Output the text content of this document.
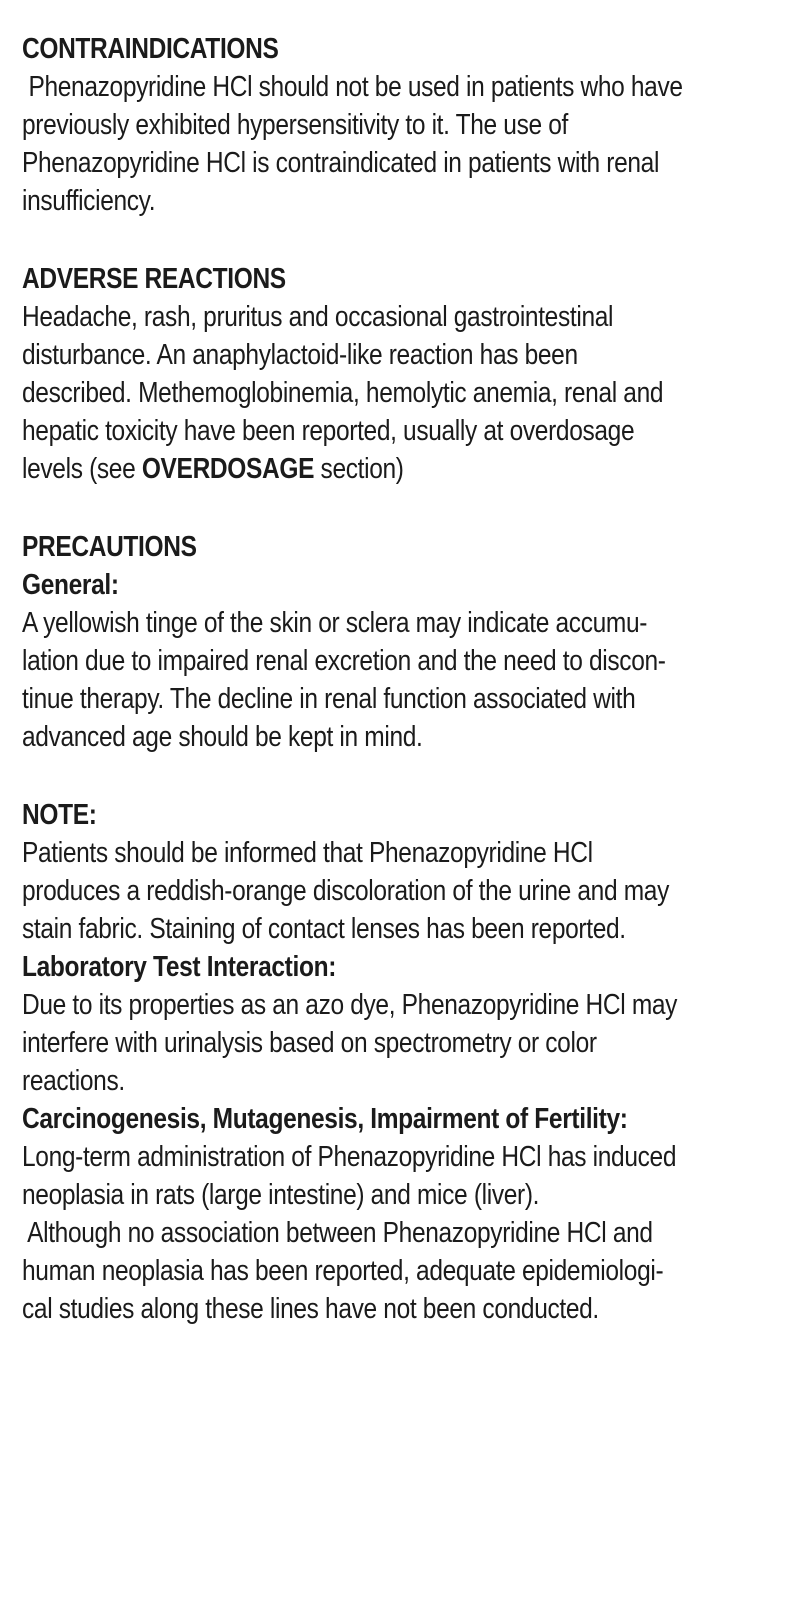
CONTRAINDICATIONS
Phenazopyridine HCl should not be used in patients who have
previously exhibited hypersensitivity to it. The use of
Phenazopyridine HCl is contraindicated in patients with renal
insufficiency.
ADVERSE REACTIONS
Headache, rash, pruritus and occasional gastrointestinal
disturbance. An anaphylactoid-like reaction has been
described. Methemoglobinemia, hemolytic anemia, renal and
hepatic toxicity have been reported, usually at overdosage
levels (see OVERDOSAGE section)
PRECAUTIONS
General:
A yellowish tinge of the skin or sclera may indicate accumu-
lation due to impaired renal excretion and the need to discon-
tinue therapy. The decline in renal function associated with
advanced age should be kept in mind.
NOTE:
Patients should be informed that Phenazopyridine HCl
produces a reddish-orange discoloration of the urine and may
stain fabric. Staining of contact lenses has been reported.
Laboratory Test Interaction:
Due to its properties as an azo dye, Phenazopyridine HCl may
interfere with urinalysis based on spectrometry or color
reactions.
Carcinogenesis, Mutagenesis, Impairment of Fertility:
Long-term administration of Phenazopyridine HCl has induced
neoplasia in rats (large intestine) and mice (liver).
Although no association between Phenazopyridine HCl and
human neoplasia has been reported, adequate epidemiologi-
cal studies along these lines have not been conducted.
